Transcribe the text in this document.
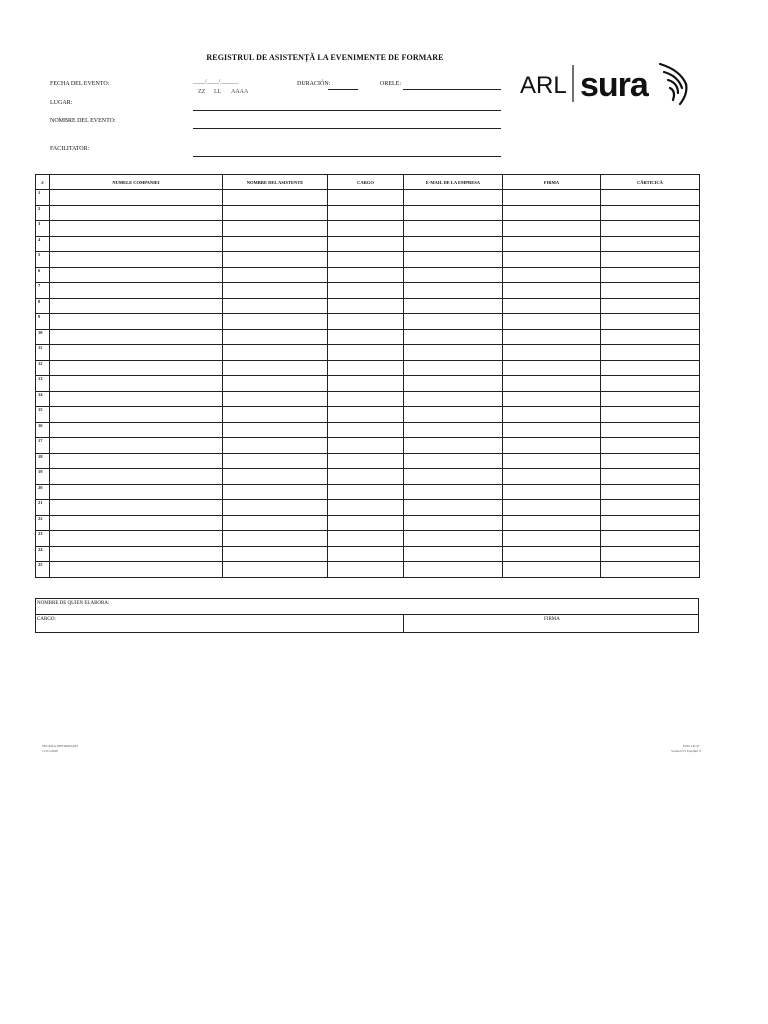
REGISTRUL DE ASISTENȚĂ LA EVENIMENTE DE FORMARE
FECHA DEL EVENTO:	____/____/______
ZZ LL AAAA
DURACIÓN:	ORELE:
LUGAR:
NOMBRE DEL EVENTO:
FACILITATOR:
ARL sura
#	NUMELE COMPANIEI	NOMBRE DEL ASISTENTE	CARGO	E-MAIL DE LA EMPRESA	FIRMA	CÂRTICICĂ
1						
2						
3						
4						
5						
6						
7						
8						
9						
10						
11						
12						
13						
14						
15						
16						
17						
18						
19						
20						
21						
22						
23						
24						
25						
NOMBRE DE QUIEN ELABORA:
CARGO:	FIRMA
SEGURA INFORMADO
11/01/2020
FOO 1R-47
Versión 01 Español S
